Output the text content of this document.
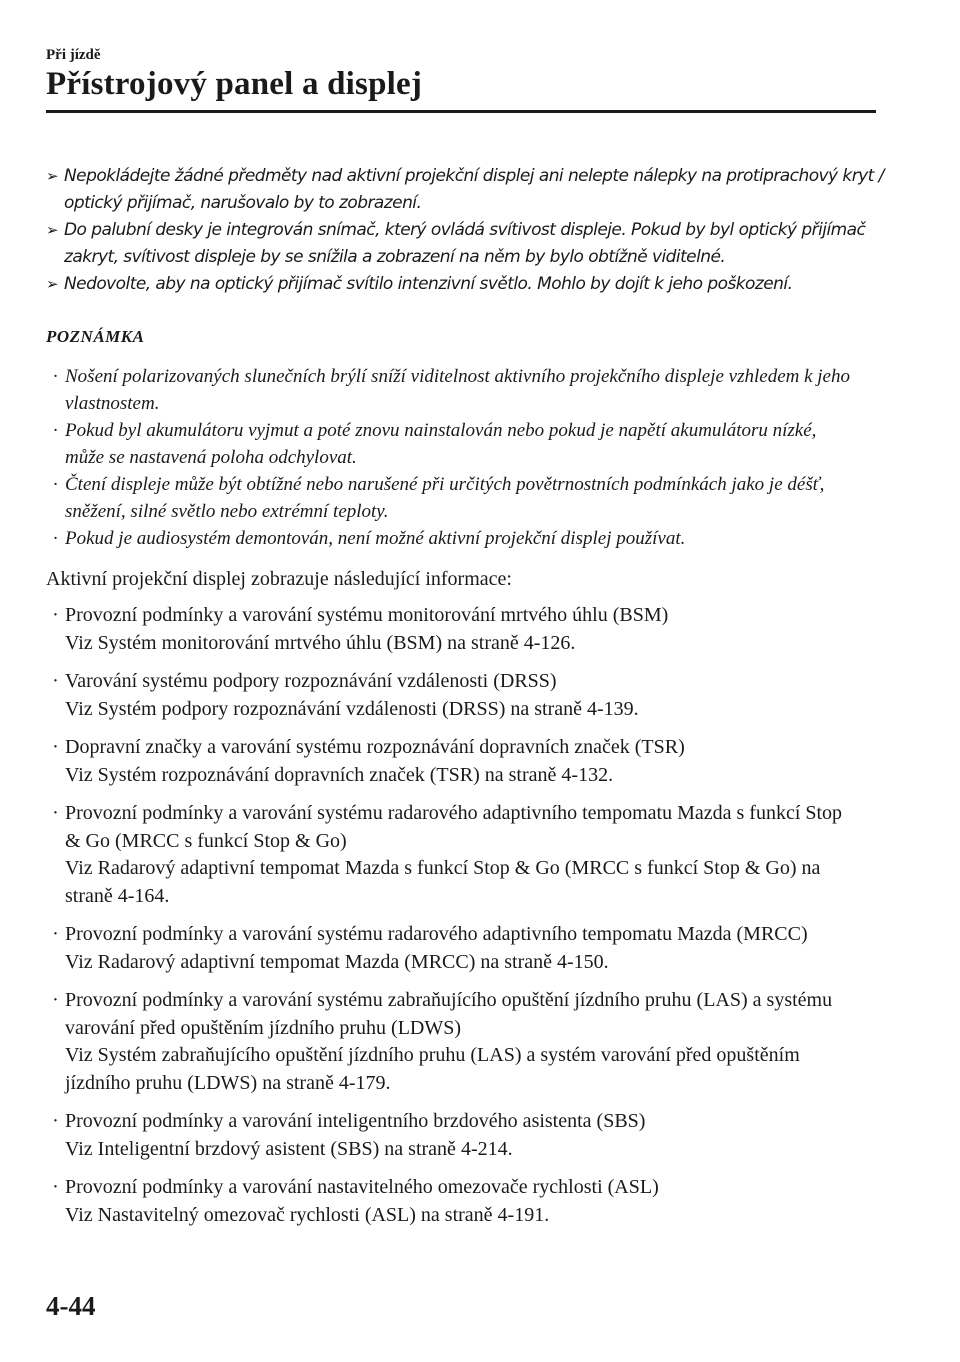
Při jízdě
Přístrojový panel a displej
➢ Nepokládejte žádné předměty nad aktivní projekční displej ani nelepte nálepky na protiprachový kryt / optický přijímač, narušovalo by to zobrazení.
➢ Do palubní desky je integrován snímač, který ovládá svítivost displeje. Pokud by byl optický přijímač zakryt, svítivost displeje by se snížila a zobrazení na něm by bylo obtížně viditelné.
➢ Nedovolte, aby na optický přijímač svítilo intenzivní světlo. Mohlo by dojít k jeho poškození.
POZNÁMKA
· Nošení polarizovaných slunečních brýlí sníží viditelnost aktivního projekčního displeje vzhledem k jeho vlastnostem.
· Pokud byl akumulátoru vyjmut a poté znovu nainstalován nebo pokud je napětí akumulátoru nízké, může se nastavená poloha odchylovat.
· Čtení displeje může být obtížné nebo narušené při určitých povětrnostních podmínkách jako je déšť, sněžení, silné světlo nebo extrémní teploty.
· Pokud je audiosystém demontován, není možné aktivní projekční displej používat.
Aktivní projekční displej zobrazuje následující informace:
· Provozní podmínky a varování systému monitorování mrtvého úhlu (BSM)
Viz Systém monitorování mrtvého úhlu (BSM) na straně 4-126.
· Varování systému podpory rozpoznávání vzdálenosti (DRSS)
Viz Systém podpory rozpoznávání vzdálenosti (DRSS) na straně 4-139.
· Dopravní značky a varování systému rozpoznávání dopravních značek (TSR)
Viz Systém rozpoznávání dopravních značek (TSR) na straně 4-132.
· Provozní podmínky a varování systému radarového adaptivního tempomatu Mazda s funkcí Stop & Go (MRCC s funkcí Stop & Go)
Viz Radarový adaptivní tempomat Mazda s funkcí Stop & Go (MRCC s funkcí Stop & Go) na straně 4-164.
· Provozní podmínky a varování systému radarového adaptivního tempomatu Mazda (MRCC)
Viz Radarový adaptivní tempomat Mazda (MRCC) na straně 4-150.
· Provozní podmínky a varování systému zabraňujícího opuštění jízdního pruhu (LAS) a systému varování před opuštěním jízdního pruhu (LDWS)
Viz Systém zabraňujícího opuštění jízdního pruhu (LAS) a systém varování před opuštěním jízdního pruhu (LDWS) na straně 4-179.
· Provozní podmínky a varování inteligentního brzdového asistenta (SBS)
Viz Inteligentní brzdový asistent (SBS) na straně 4-214.
· Provozní podmínky a varování nastavitelného omezovače rychlosti (ASL)
Viz Nastavitelný omezovač rychlosti (ASL) na straně 4-191.
4-44
